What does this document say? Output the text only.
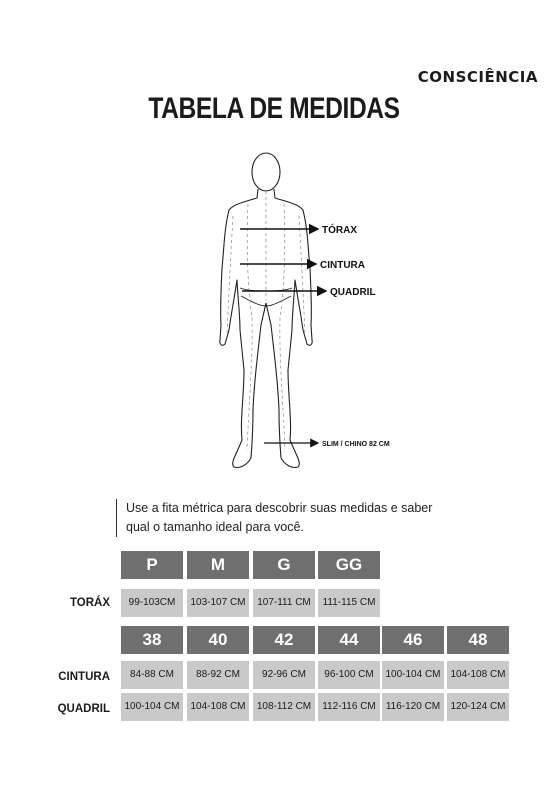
CONSCIÊNCIA
TABELA DE MEDIDAS
TÓRAX
CINTURA
QUADRIL
SLIM / CHINO 82 CM
Use a fita métrica para descobrir suas medidas e saber qual o tamanho ideal para você.
P	M	G	GG
TORÁX	99-103CM	103-107 CM	107-111 CM	111-115 CM
38	40	42	44	46	48
CINTURA	84-88 CM	88-92 CM	92-96 CM	96-100 CM	100-104 CM 104-108 CM
QUADRIL	100-104 CM	104-108 CM	108-112 CM	112-116 CM	116-120 CM	120-124 CM
